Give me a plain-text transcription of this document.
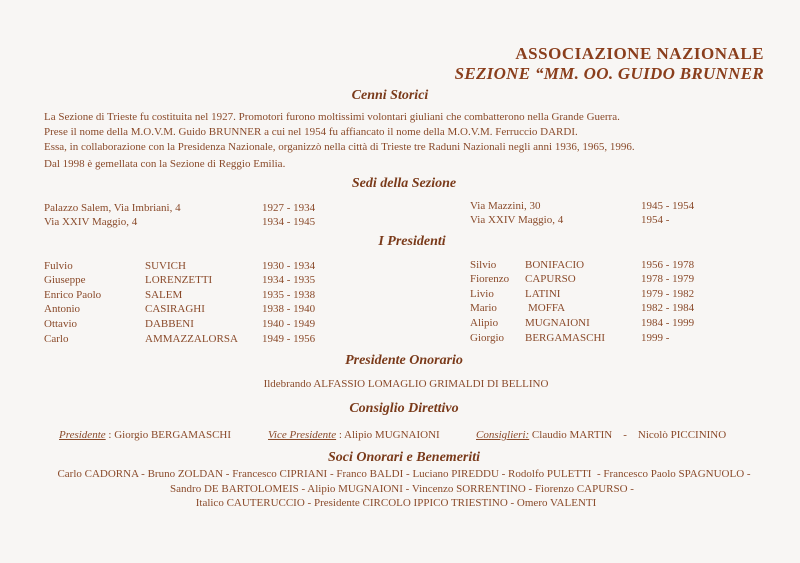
ASSOCIAZIONE NAZIONALE
SEZIONE “MM. OO. GUIDO BRUNNER
Cenni Storici
La Sezione di Trieste fu costituita nel 1927. Promotori furono moltissimi volontari giuliani che combatterono nella Grande Guerra.
Prese il nome della M.O.V.M. Guido BRUNNER a cui nel 1954 fu affiancato il nome della M.O.V.M. Ferruccio DARDI.
Essa, in collaborazione con la Presidenza Nazionale, organizzò nella città di Trieste tre Raduni Nazionali negli anni 1936, 1965, 1996.
Dal 1998 è gemellata con la Sezione di Reggio Emilia.
Sedi della Sezione
Palazzo Salem, Via Imbriani, 4	1927 - 1934
Via XXIV Maggio, 4	1934 - 1945
Via Mazzini, 30	1945 - 1954
Via XXIV Maggio, 4	1954 -
I Presidenti
Fulvio	SUVICH	1930 - 1934
Giuseppe	LORENZETTI	1934 - 1935
Enrico Paolo	SALEM	1935 - 1938
Antonio	CASIRAGHI	1938 - 1940
Ottavio	DABBENI	1940 - 1949
Carlo	AMMAZZALORSA 1949 - 1956
Silvio	BONIFACIO	1956 - 1978
Fiorenzo CAPURSO	1978 - 1979
Livio	LATINI	1979 - 1982
Mario	MOFFA	1982 - 1984
Alipio MUGNAIONI	1984 - 1999
Giorgio BERGAMASCHI	1999 -
Presidente Onorario
Ildebrando ALFASSIO LOMAGLIO GRIMALDI DI BELLINO
Consiglio Direttivo
Presidente : Giorgio BERGAMASCHI	Vice Presidente : Alipio MUGNAIONI	Consiglieri: Claudio MARTIN    -    Nicolò PICCININO
Soci Onorari e Benemeriti
Carlo CADORNA - Bruno ZOLDAN - Francesco CIPRIANI - Franco BALDI - Luciano PIREDDU - Rodolfo PULETTI  - Francesco Paolo SPAGNUOLO -
Sandro DE BARTOLOMEIS - Alipio MUGNAIONI - Vincenzo SORRENTINO - Fiorenzo CAPURSO -
Italico CAUTERUCCIO - Presidente CIRCOLO IPPICO TRIESTINO - Omero VALENTI
